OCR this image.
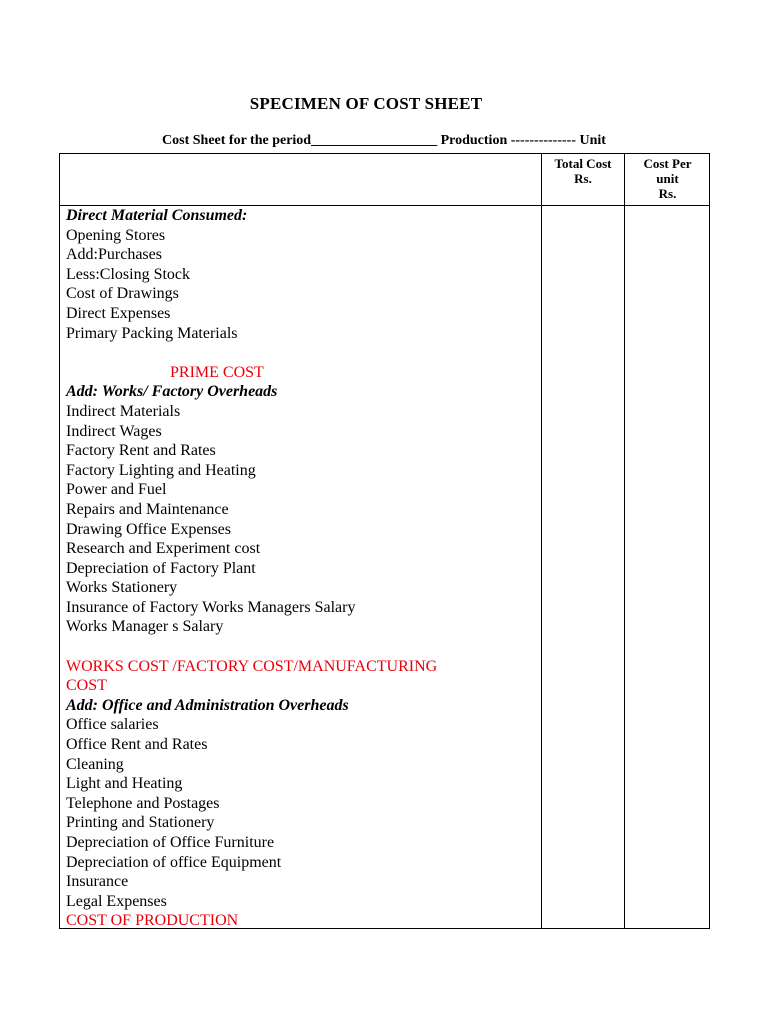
SPECIMEN OF COST SHEET
Cost Sheet for the period__________________ Production -------------- Unit
Total Cost
Rs.
Cost Per
unit
Rs.
Direct Material Consumed:
Opening Stores
Add:Purchases
Less:Closing Stock
Cost of Drawings
Direct Expenses
Primary Packing Materials
PRIME COST
Add: Works/ Factory Overheads
Indirect Materials
Indirect Wages
Factory Rent and Rates
Factory Lighting and Heating
Power and Fuel
Repairs and Maintenance
Drawing Office Expenses
Research and Experiment cost
Depreciation of Factory Plant
Works Stationery
Insurance of Factory Works Managers Salary
Works Manager s Salary
WORKS COST /FACTORY COST/MANUFACTURING
COST
Add: Office and Administration Overheads
Office salaries
Office Rent and Rates
Cleaning
Light and Heating
Telephone and Postages
Printing and Stationery
Depreciation of Office Furniture
Depreciation of office Equipment
Insurance
Legal Expenses
COST OF PRODUCTION
